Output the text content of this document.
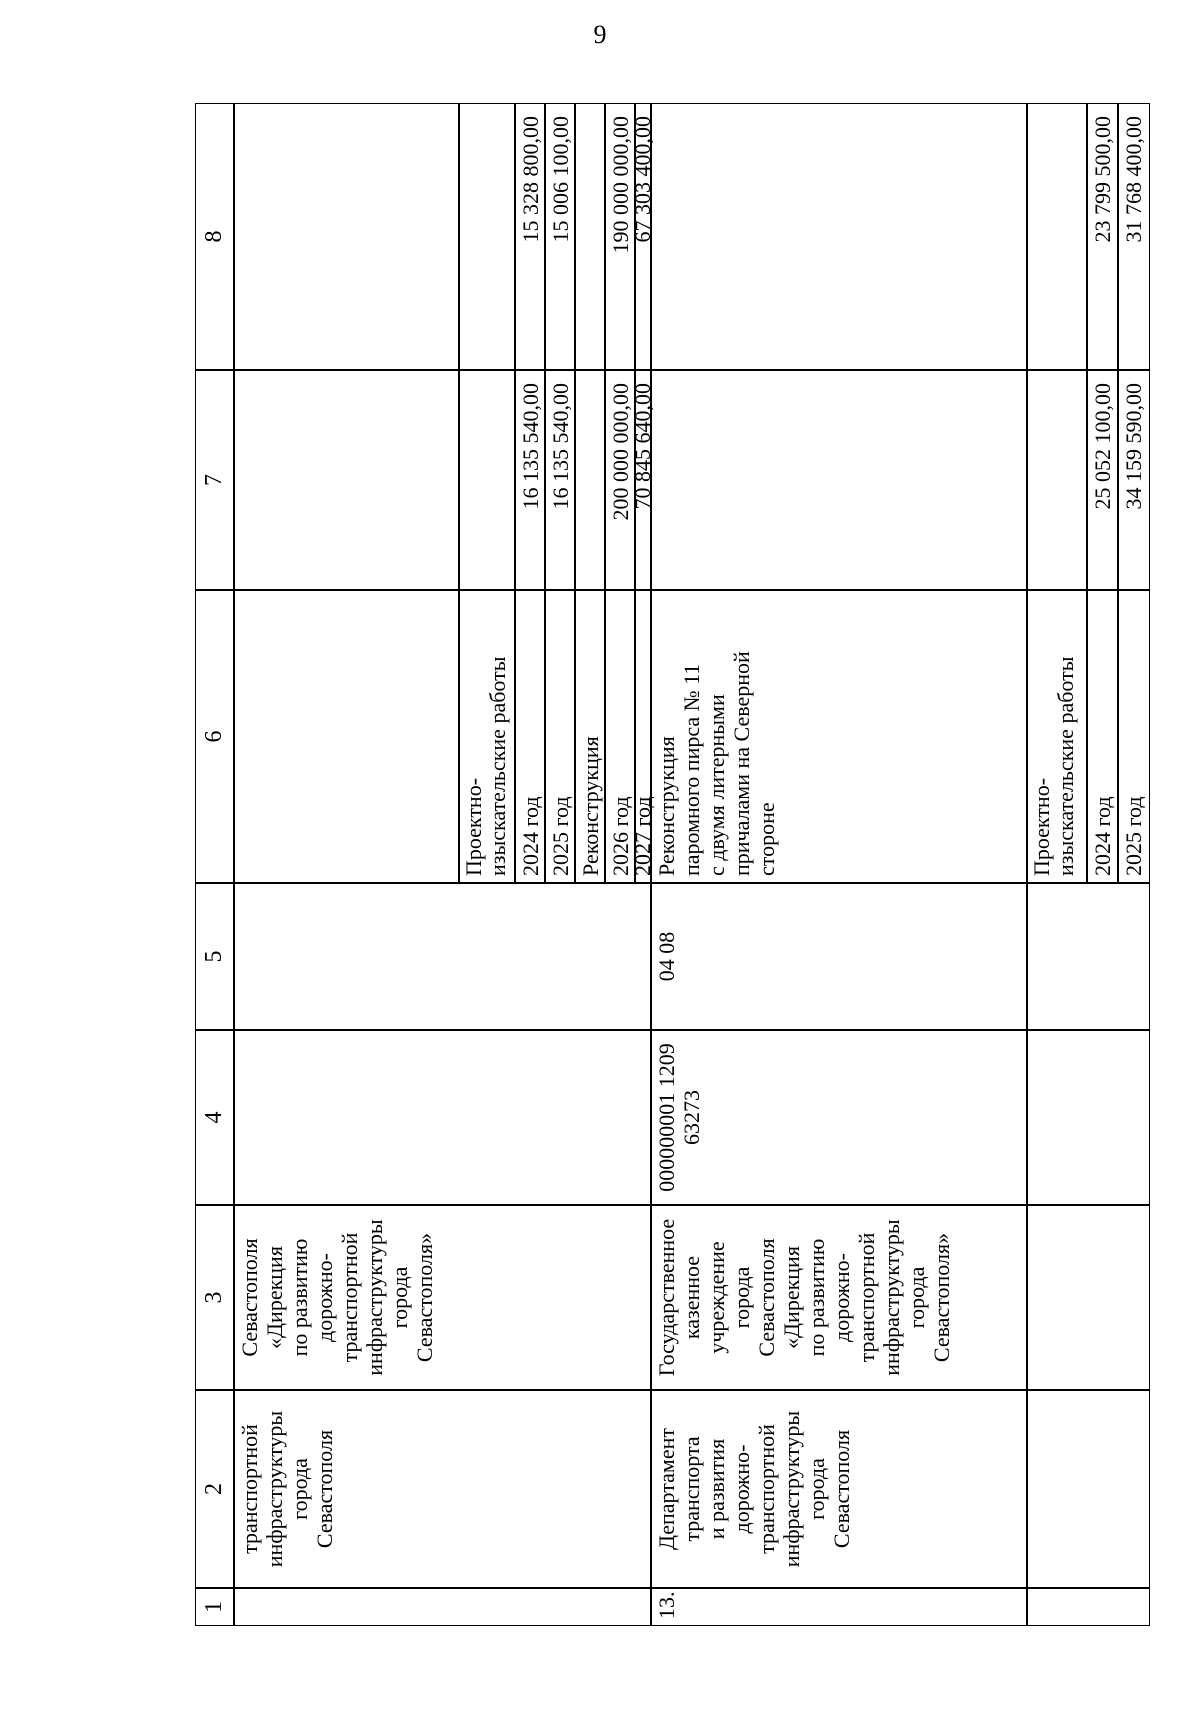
9
1
2
3
4
5
6
7
8
транспортной
инфраструктуры
города
Севастополя
Севастополя
«Дирекция
по развитию
дорожно-
транспортной
инфраструктуры
города
Севастополя»
Проектно-
изыскательские работы
2024 год
16 135 540,00
15 328 800,00
2025 год
16 135 540,00
15 006 100,00
Реконструкция 2026 год
200 000 000,00
190 000 000,00
2027 год
70 845 640,00
67 303 400,00
13.
Департамент
транспорта
и развития
дорожно-
транспортной
инфраструктуры
города
Севастополя
Государственное
казенное
учреждение
города
Севастополя
«Дирекция
по развитию
дорожно-
транспортной
инфраструктуры
города
Севастополя»
000000001 1209
63273
04 08
Реконструкция
паромного пирса № 11
с двумя литерными
причалами на Северной
стороне	Проектно-
изыскательские работы
2024 год
25 052 100,00
23 799 500,00
2025 год
34 159 590,00
31 768 400,00
